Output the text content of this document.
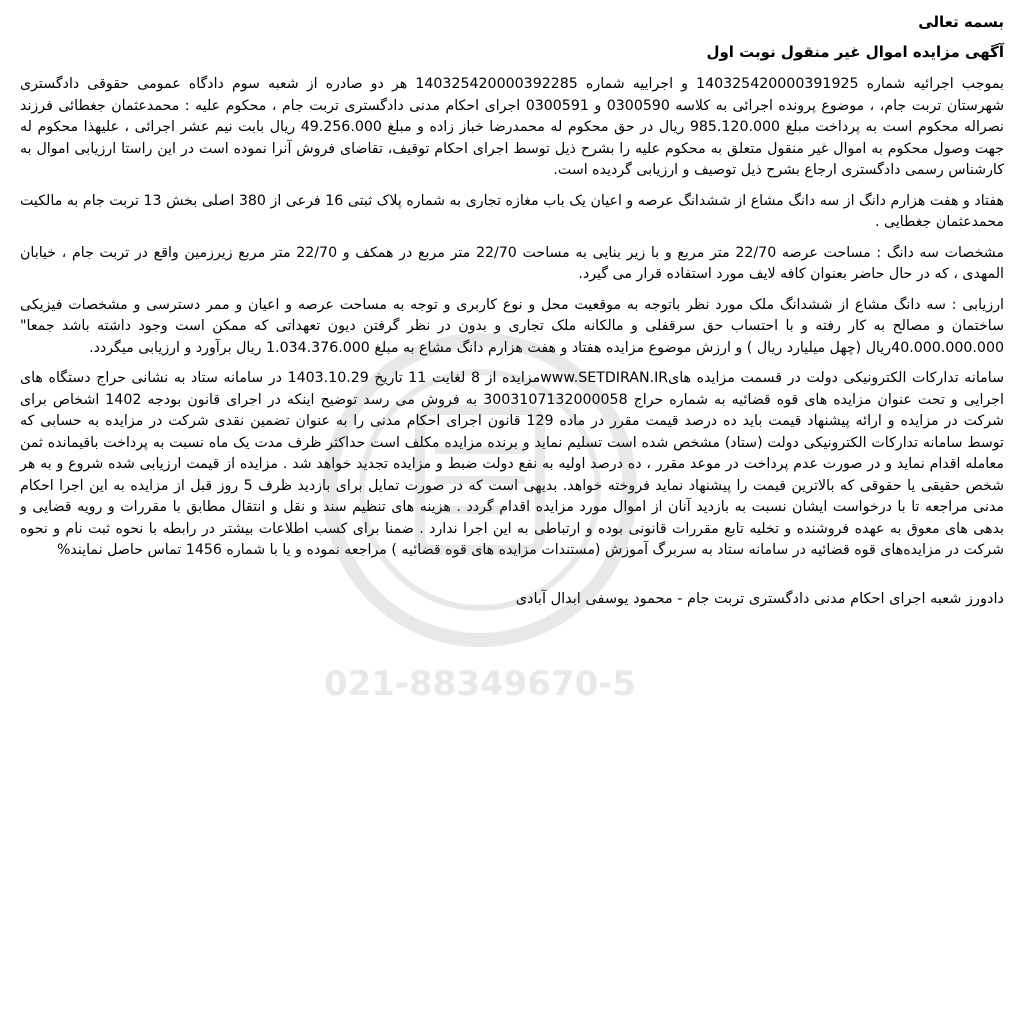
021-88349670-5

بسمه تعالی

آگهی مزایده اموال غیر منقول نوبت اول

بموجب اجرائیه شماره 140325420000391925 و اجراییه شماره 140325420000392285 هر دو صادره از شعبه سوم دادگاه عمومی حقوقی دادگستری شهرستان تربت جام، ، موضوع پرونده اجرائی به کلاسه 0300590 و 0300591 اجرای احکام مدنی دادگستری تربت جام ، محکوم علیه : محمدعثمان جغطائی فرزند نصراله محکوم است به پرداخت مبلغ 985.120.000 ریال در حق محکوم له محمدرضا خباز زاده و مبلغ 49.256.000 ریال بابت نیم عشر اجرائی ، علیهذا محکوم له جهت وصول محکوم به اموال غیر منقول متعلق به محکوم علیه را بشرح ذیل توسط اجرای احکام توقیف، تقاضای فروش آنرا نموده است در این راستا ارزیابی اموال به کارشناس رسمی دادگستری ارجاع بشرح ذیل توصیف و ارزیابی گردیده است.

هفتاد و هفت هزارم دانگ از سه دانگ مشاع از ششدانگ عرصه و اعیان یک باب مغازه تجاری به شماره پلاک ثبتی 16 فرعی از 380 اصلی بخش 13 تربت جام به مالکیت محمدعثمان جغطایی .

مشخصات سه دانگ : مساحت عرصه 22/70 متر مربع و با زیر بنایی به مساحت 22/70 متر مربع در همکف و 22/70 متر مربع زیرزمین واقع در تربت جام ، خیابان المهدی ، که در حال حاضر بعنوان کافه لایف مورد استفاده قرار می گیرد.

ارزیابی : سه دانگ مشاع از ششدانگ ملک مورد نظر باتوجه به موقعیت محل و نوع کاربری و توجه به مساحت عرصه و اعیان و ممر دسترسی و مشخصات فیزیکی ساختمان و مصالح به کار رفته و با احتساب حق سرقفلی و مالکانه ملک تجاری و بدون در نظر گرفتن دیون تعهداتی که ممکن است وجود داشته باشد جمعا" 40.000.000.000ریال (چهل میلیارد ریال ) و ارزش موضوع مزایده هفتاد و هفت هزارم دانگ مشاع به مبلغ 1.034.376.000 ریال برآورد و ارزیابی میگردد.

سامانه تدارکات الکترونیکی دولت در قسمت مزایده هایwww.SETDIRAN.IRمزایده از 8 لغایت 11 تاریخ 1403.10.29 در سامانه ستاد به نشانی حراج دستگاه های اجرایی و تحت عنوان مزایده های قوه قضائیه به شماره حراج 3003107132000058 به فروش می رسد توضیح اینکه در اجرای قانون بودجه 1402 اشخاص برای شرکت در مزایده و ارائه پیشنهاد قیمت باید ده درصد قیمت مقرر در ماده 129 قانون اجرای احکام مدنی را به عنوان تضمین نقدی شرکت در مزایده به حسابی که توسط سامانه تدارکات الکترونیکی دولت (ستاد) مشخص شده است تسلیم نماید و برنده مزایده مکلف است حداکثر ظرف مدت یک ماه نسبت به پرداخت باقیمانده ثمن معامله اقدام نماید و در صورت عدم پرداخت در موعد مقرر ، ده درصد اولیه به نفع دولت ضبط و مزایده تجدید خواهد شد . مزایده از قیمت ارزیابی شده شروع و به هر شخص حقیقی یا حقوقی که بالاترین قیمت را پیشنهاد نماید فروخته خواهد. بدیهی است که در صورت تمایل برای بازدید ظرف 5 روز قبل از مزایده به این اجرا احکام مدنی مراجعه تا با درخواست ایشان نسبت به بازدید آنان از اموال مورد مزایده اقدام گردد . هزینه های تنظیم سند و نقل و انتقال مطابق با مقررات و رویه قضایی و بدهی های معوق به عهده فروشنده و تخلیه تابع مقررات قانونی بوده و ارتباطی به این اجرا ندارد . ضمنا برای کسب اطلاعات بیشتر در رابطه با نحوه ثبت نام و نحوه شرکت در مزایده‌های قوه قضائیه در سامانه ستاد به سربرگ آموزش (مستندات مزایده های قوه قضائیه ) مراجعه نموده و یا با شماره 1456 تماس حاصل نمایند%

دادورز شعبه اجرای احکام مدنی دادگستری تربت جام - محمود یوسفی ابدال آبادی
